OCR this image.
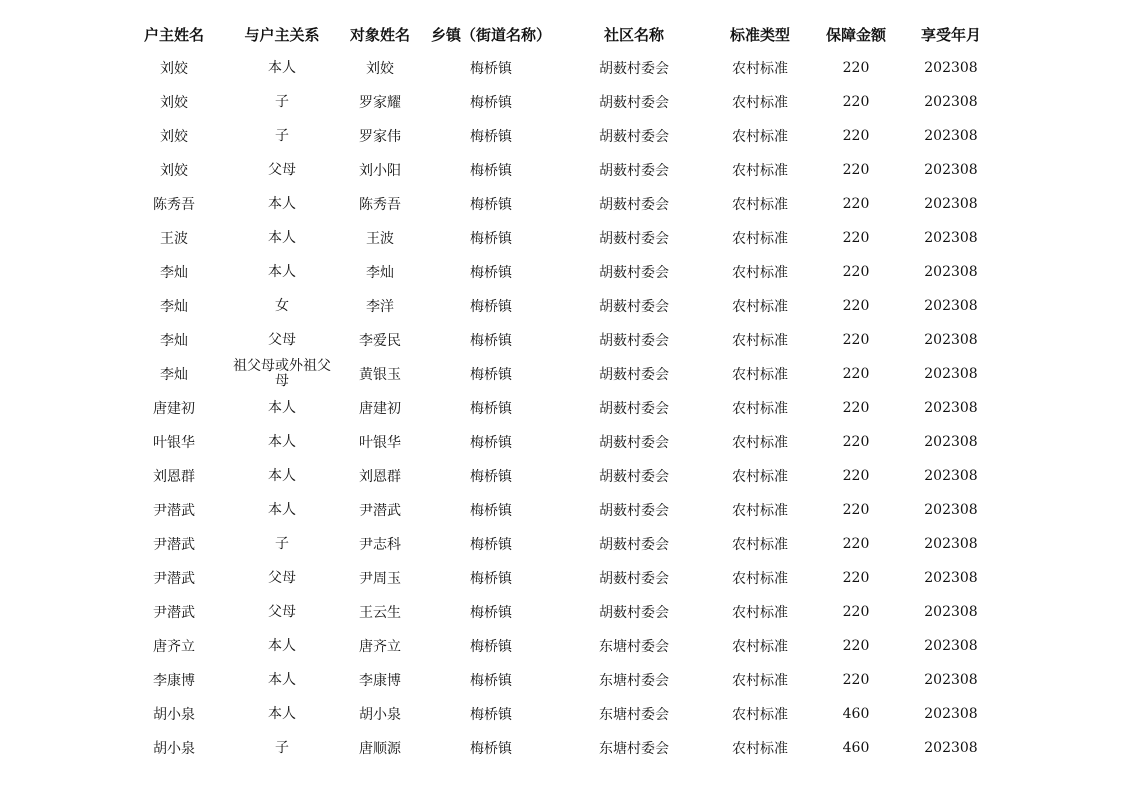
户主姓名	与户主关系	对象姓名	乡镇（街道名称）	社区名称	标准类型	保障金额	享受年月
刘姣	本人	刘姣	梅桥镇	胡薮村委会	农村标准	220	202308
刘姣	子	罗家耀	梅桥镇	胡薮村委会	农村标准	220	202308
刘姣	子	罗家伟	梅桥镇	胡薮村委会	农村标准	220	202308
刘姣	父母	刘小阳	梅桥镇	胡薮村委会	农村标准	220	202308
陈秀吾	本人	陈秀吾	梅桥镇	胡薮村委会	农村标准	220	202308
王波	本人	王波	梅桥镇	胡薮村委会	农村标准	220	202308
李灿	本人	李灿	梅桥镇	胡薮村委会	农村标准	220	202308
李灿	女	李洋	梅桥镇	胡薮村委会	农村标准	220	202308
李灿	父母	李爱民	梅桥镇	胡薮村委会	农村标准	220	202308
李灿	祖父母或外祖父母	黄银玉	梅桥镇	胡薮村委会	农村标准	220	202308
唐建初	本人	唐建初	梅桥镇	胡薮村委会	农村标准	220	202308
叶银华	本人	叶银华	梅桥镇	胡薮村委会	农村标准	220	202308
刘恩群	本人	刘恩群	梅桥镇	胡薮村委会	农村标准	220	202308
尹潜武	本人	尹潜武	梅桥镇	胡薮村委会	农村标准	220	202308
尹潜武	子	尹志科	梅桥镇	胡薮村委会	农村标准	220	202308
尹潜武	父母	尹周玉	梅桥镇	胡薮村委会	农村标准	220	202308
尹潜武	父母	王云生	梅桥镇	胡薮村委会	农村标准	220	202308
唐齐立	本人	唐齐立	梅桥镇	东塘村委会	农村标准	220	202308
李康博	本人	李康博	梅桥镇	东塘村委会	农村标准	220	202308
胡小泉	本人	胡小泉	梅桥镇	东塘村委会	农村标准	460	202308
胡小泉	子	唐顺源	梅桥镇	东塘村委会	农村标准	460	202308
